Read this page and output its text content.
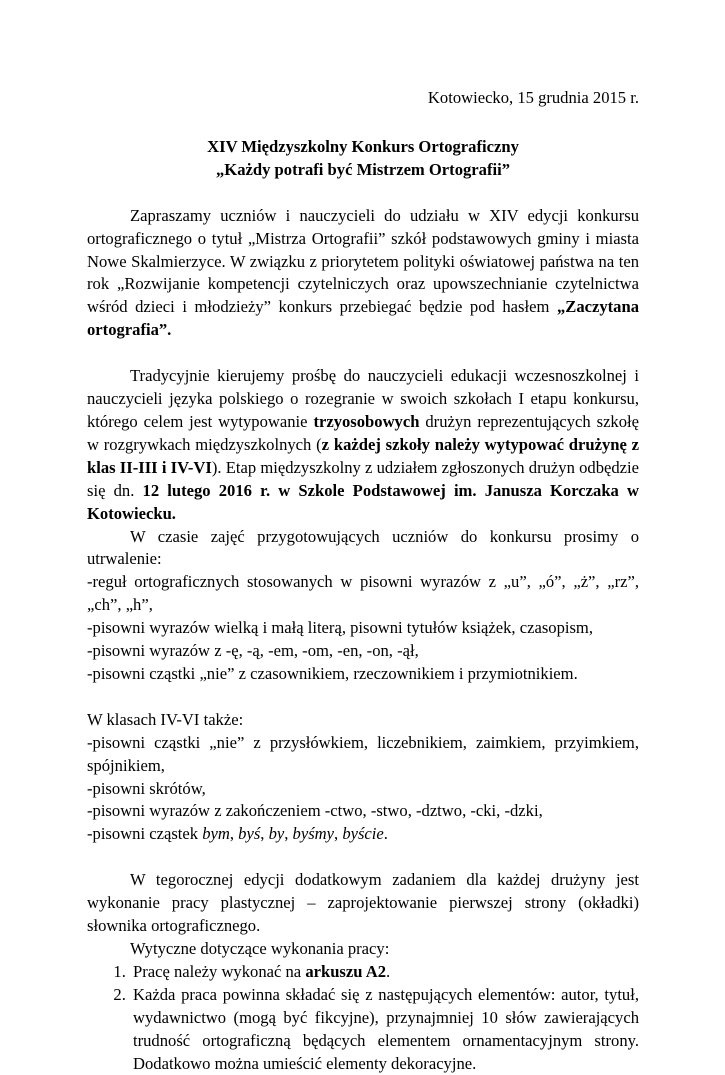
Kotowiecko, 15 grudnia 2015 r.

XIV Międzyszkolny Konkurs Ortograficzny
„Każdy potrafi być Mistrzem Ortografii”

Zapraszamy uczniów i nauczycieli do udziału w XIV edycji konkursu ortograficznego o tytuł „Mistrza Ortografii” szkół podstawowych gminy i miasta Nowe Skalmierzyce. W związku z priorytetem polityki oświatowej państwa na ten rok „Rozwijanie kompetencji czytelniczych oraz upowszechnianie czytelnictwa wśród dzieci i młodzieży” konkurs przebiegać będzie pod hasłem „Zaczytana ortografia”.

Tradycyjnie kierujemy prośbę do nauczycieli edukacji wczesnoszkolnej i nauczycieli języka polskiego o rozegranie w swoich szkołach I etapu konkursu, którego celem jest wytypowanie trzyosobowych drużyn reprezentujących szkołę w rozgrywkach międzyszkolnych (z każdej szkoły należy wytypować drużynę z klas II-III i IV-VI). Etap międzyszkolny z udziałem zgłoszonych drużyn odbędzie się dn. 12 lutego 2016 r. w Szkole Podstawowej im. Janusza Korczaka w Kotowiecku.

W czasie zajęć przygotowujących uczniów do konkursu prosimy o utrwalenie:

-reguł ortograficznych stosowanych w pisowni wyrazów z „u”, „ó”, „ż”, „rz”, „ch”, „h”,
-pisowni wyrazów wielką i małą literą, pisowni tytułów książek, czasopism,
-pisowni wyrazów z -ę, -ą, -em, -om, -en, -on, -ął,
-pisowni cząstki „nie” z czasownikiem, rzeczownikiem i przymiotnikiem.

W klasach IV-VI także:

-pisowni cząstki „nie” z przysłówkiem, liczebnikiem, zaimkiem, przyimkiem, spójnikiem,
-pisowni skrótów,
-pisowni wyrazów z zakończeniem -ctwo, -stwo, -dztwo, -cki, -dzki,
-pisowni cząstek bym, byś, by, byśmy, byście.

W tegorocznej edycji dodatkowym zadaniem dla każdej drużyny jest wykonanie pracy plastycznej – zaprojektowanie pierwszej strony (okładki) słownika ortograficznego.

Wytyczne dotyczące wykonania pracy:

1. Pracę należy wykonać na arkuszu A2.
2. Każda praca powinna składać się z następujących elementów: autor, tytuł, wydawnictwo (mogą być fikcyjne), przynajmniej 10 słów zawierających trudność ortograficzną będących elementem ornamentacyjnym strony. Dodatkowo można umieścić elementy dekoracyjne.
